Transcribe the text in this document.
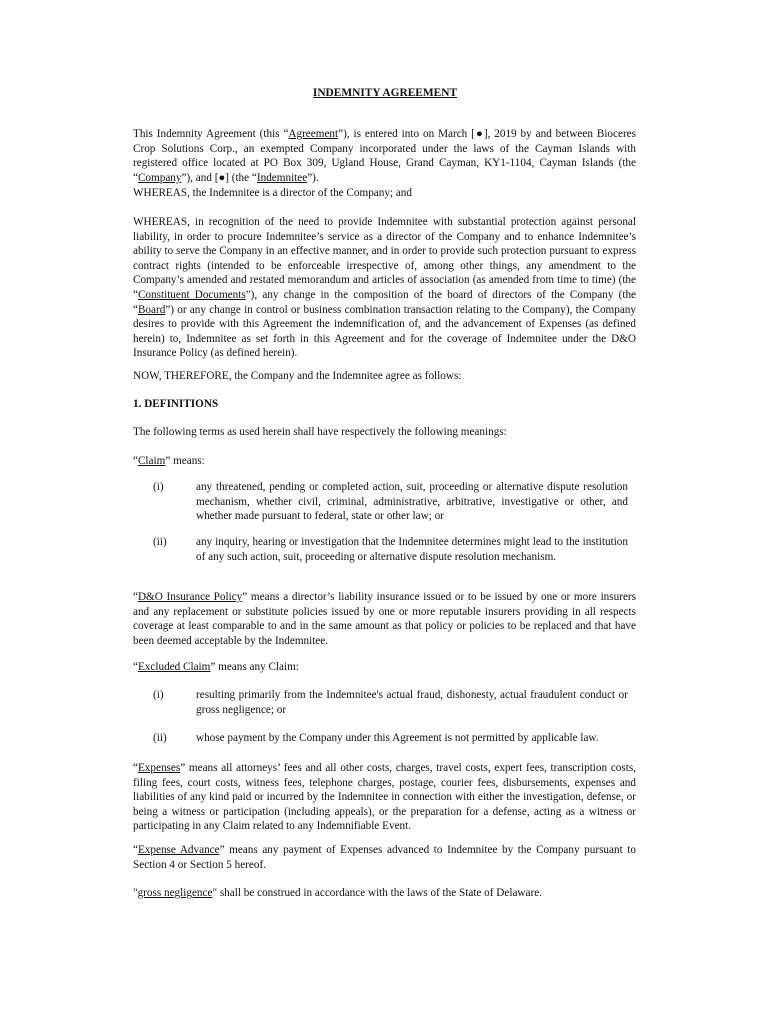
INDEMNITY AGREEMENT

This Indemnity Agreement (this “Agreement”), is entered into on March [●], 2019 by and between Bioceres Crop Solutions Corp., an exempted Company incorporated under the laws of the Cayman Islands with registered office located at PO Box 309, Ugland House, Grand Cayman, KY1-1104, Cayman Islands (the “Company”), and [●] (the “Indemnitee”).

WHEREAS, the Indemnitee is a director of the Company; and

WHEREAS, in recognition of the need to provide Indemnitee with substantial protection against personal liability, in order to procure Indemnitee’s service as a director of the Company and to enhance Indemnitee’s ability to serve the Company in an effective manner, and in order to provide such protection pursuant to express contract rights (intended to be enforceable irrespective of, among other things, any amendment to the Company’s amended and restated memorandum and articles of association (as amended from time to time) (the “Constituent Documents”), any change in the composition of the board of directors of the Company (the “Board”) or any change in control or business combination transaction relating to the Company), the Company desires to provide with this Agreement the indemnification of, and the advancement of Expenses (as defined herein) to, Indemnitee as set forth in this Agreement and for the coverage of Indemnitee under the D&O Insurance Policy (as defined herein).

NOW, THEREFORE, the Company and the Indemnitee agree as follows:

1. DEFINITIONS

The following terms as used herein shall have respectively the following meanings:

“Claim” means:

(i)	any threatened, pending or completed action, suit, proceeding or alternative dispute resolution mechanism, whether civil, criminal, administrative, arbitrative, investigative or other, and whether made pursuant to federal, state or other law; or
(ii)	any inquiry, hearing or investigation that the Indemnitee determines might lead to the institution of any such action, suit, proceeding or alternative dispute resolution mechanism.

“D&O Insurance Policy” means a director’s liability insurance issued or to be issued by one or more insurers and any replacement or substitute policies issued by one or more reputable insurers providing in all respects coverage at least comparable to and in the same amount as that policy or policies to be replaced and that have been deemed acceptable by the Indemnitee.

“Excluded Claim” means any Claim:

(i)	resulting primarily from the Indemnitee's actual fraud, dishonesty, actual fraudulent conduct or gross negligence; or
(ii)	whose payment by the Company under this Agreement is not permitted by applicable law.

“Expenses” means all attorneys’ fees and all other costs, charges, travel costs, expert fees, transcription costs, filing fees, court costs, witness fees, telephone charges, postage, courier fees, disbursements, expenses and liabilities of any kind paid or incurred by the Indemnitee in connection with either the investigation, defense, or being a witness or participation (including appeals), or the preparation for a defense, acting as a witness or participating in any Claim related to any Indemnifiable Event.

“Expense Advance” means any payment of Expenses advanced to Indemnitee by the Company pursuant to Section 4 or Section 5 hereof.

"gross negligence" shall be construed in accordance with the laws of the State of Delaware.
